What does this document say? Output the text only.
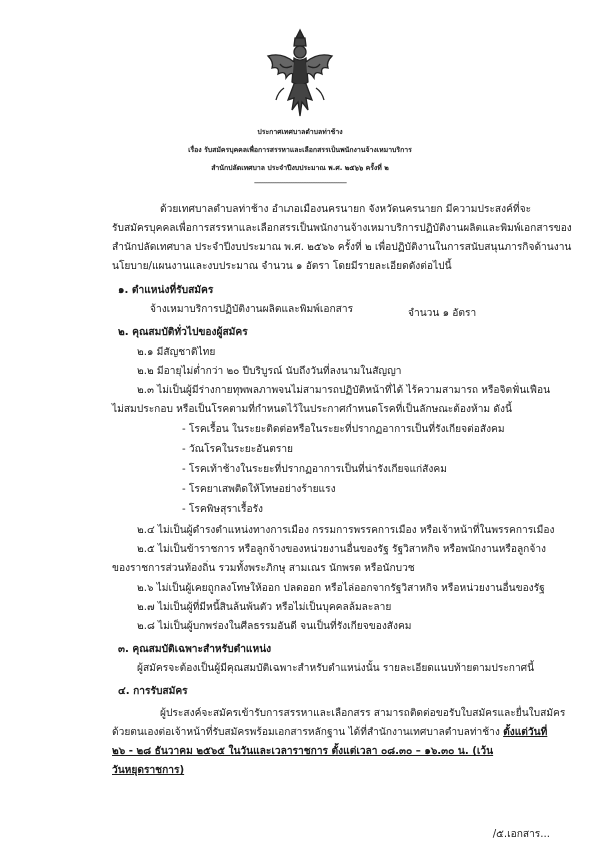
ประกาศเทศบาลตำบลท่าช้าง
เรื่อง รับสมัครบุคคลเพื่อการสรรหาและเลือกสรรเป็นพนักงานจ้างเหมาบริการ
สำนักปลัดเทศบาล ประจำปีงบประมาณ พ.ศ. ๒๕๖๖ ครั้งที่ ๒
-----------------------------------------
ด้วยเทศบาลตำบลท่าช้าง อำเภอเมืองนครนายก จังหวัดนครนายก มีความประสงค์ที่จะ
รับสมัครบุคคลเพื่อการสรรหาและเลือกสรรเป็นพนักงานจ้างเหมาบริการปฏิบัติงานผลิตและพิมพ์เอกสารของ
สำนักปลัดเทศบาล ประจำปีงบประมาณ พ.ศ. ๒๕๖๖ ครั้งที่ ๒ เพื่อปฏิบัติงานในการสนับสนุนภารกิจด้านงาน
นโยบาย/แผนงานและงบประมาณ จำนวน ๑ อัตรา โดยมีรายละเอียดดังต่อไปนี้
๑. ตำแหน่งที่รับสมัคร
จ้างเหมาบริการปฏิบัติงานผลิตและพิมพ์เอกสาร	จำนวน ๑ อัตรา
๒. คุณสมบัติทั่วไปของผู้สมัคร
๒.๑ มีสัญชาติไทย
๒.๒ มีอายุไม่ต่ำกว่า ๒๐ ปีบริบูรณ์ นับถึงวันที่ลงนามในสัญญา
๒.๓ ไม่เป็นผู้มีร่างกายทุพพลภาพจนไม่สามารถปฏิบัติหน้าที่ได้ ไร้ความสามารถ หรือจิตฟั่นเฟือน
ไม่สมประกอบ หรือเป็นโรคตามที่กำหนดไว้ในประกาศกำหนดโรคที่เป็นลักษณะต้องห้าม ดังนี้
- โรคเรื้อน ในระยะติดต่อหรือในระยะที่ปรากฏอาการเป็นที่รังเกียจต่อสังคม
- วัณโรคในระยะอันตราย
- โรคเท้าช้างในระยะที่ปรากฏอาการเป็นที่น่ารังเกียจแก่สังคม
- โรคยาเสพติดให้โทษอย่างร้ายแรง
- โรคพิษสุราเรื้อรัง
๒.๔ ไม่เป็นผู้ดำรงตำแหน่งทางการเมือง กรรมการพรรคการเมือง หรือเจ้าหน้าที่ในพรรคการเมือง
๒.๕ ไม่เป็นข้าราชการ หรือลูกจ้างของหน่วยงานอื่นของรัฐ รัฐวิสาหกิจ หรือพนักงานหรือลูกจ้าง
ของราชการส่วนท้องถิ่น รวมทั้งพระภิกษุ สามเณร นักพรต หรือนักบวช
๒.๖ ไม่เป็นผู้เคยถูกลงโทษให้ออก ปลดออก หรือไล่ออกจากรัฐวิสาหกิจ หรือหน่วยงานอื่นของรัฐ
๒.๗ ไม่เป็นผู้ที่มีหนี้สินล้นพ้นตัว หรือไม่เป็นบุคคลล้มละลาย
๒.๘ ไม่เป็นผู้บกพร่องในศีลธรรมอันดี จนเป็นที่รังเกียจของสังคม
๓. คุณสมบัติเฉพาะสำหรับตำแหน่ง
ผู้สมัครจะต้องเป็นผู้มีคุณสมบัติเฉพาะสำหรับตำแหน่งนั้น รายละเอียดแนบท้ายตามประกาศนี้
๔. การรับสมัคร
ผู้ประสงค์จะสมัครเข้ารับการสรรหาและเลือกสรร สามารถติดต่อขอรับใบสมัครและยื่นใบสมัคร
ด้วยตนเองต่อเจ้าหน้าที่รับสมัครพร้อมเอกสารหลักฐาน ได้ที่สำนักงานเทศบาลตำบลท่าช้าง ตั้งแต่วันที่
๒๖ - ๒๘ ธันวาคม ๒๕๖๕ ในวันและเวลาราชการ ตั้งแต่เวลา ๐๘.๓๐ – ๑๖.๓๐ น. (เว้น
วันหยุดราชการ)
/๕.เอกสาร...
